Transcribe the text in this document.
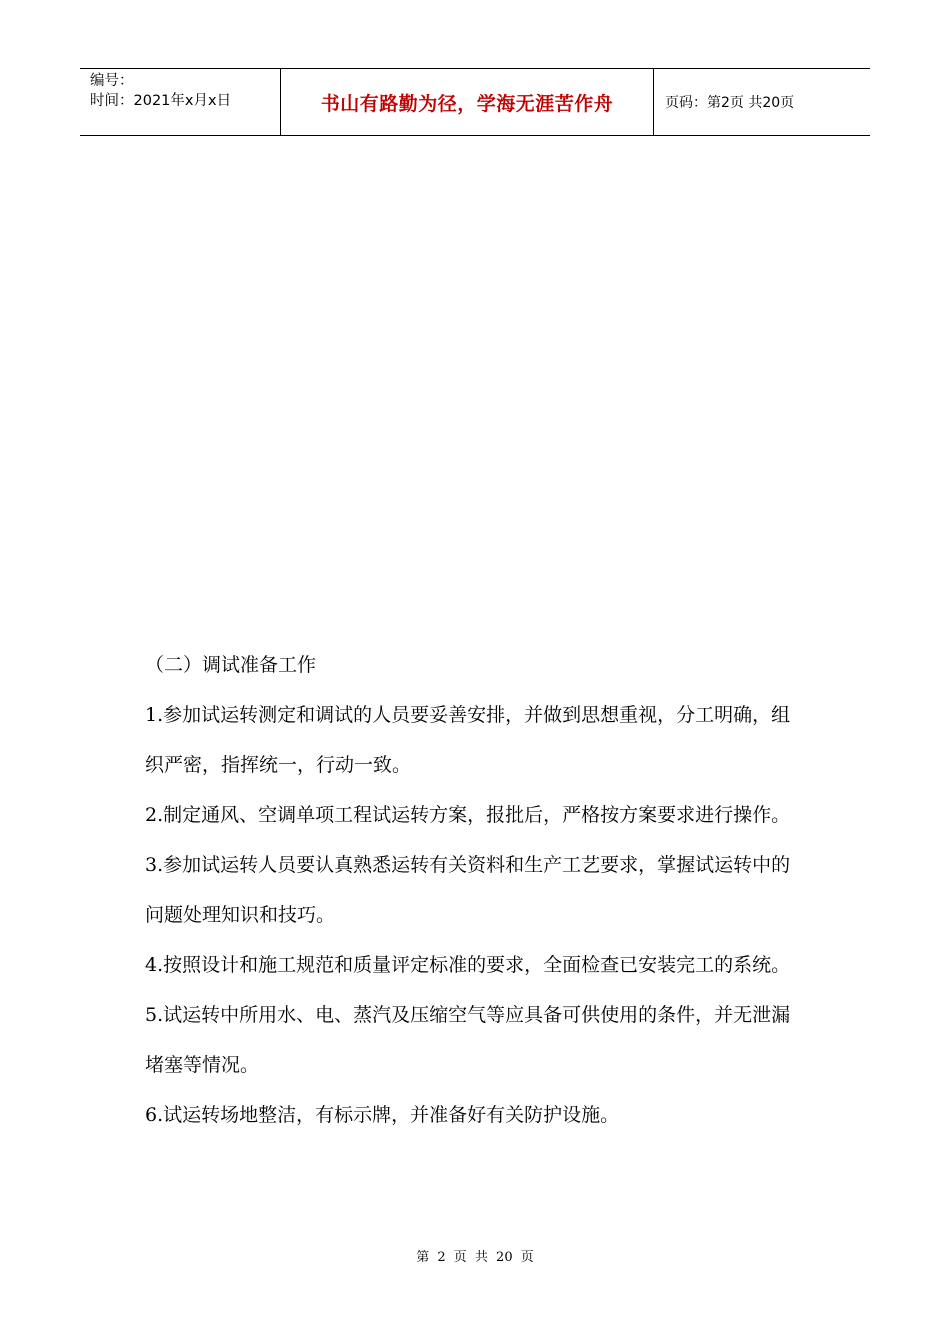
编号：
时间：2021年x月x日	书山有路勤为径，学海无涯苦作舟	页码：第2页 共20页

（二）调试准备工作

1.参加试运转测定和调试的人员要妥善安排，并做到思想重视，分工明确，组织严密，指挥统一，行动一致。

2.制定通风、空调单项工程试运转方案，报批后，严格按方案要求进行操作。

3.参加试运转人员要认真熟悉运转有关资料和生产工艺要求，掌握试运转中的问题处理知识和技巧。

4.按照设计和施工规范和质量评定标准的要求，全面检查已安装完工的系统。

5.试运转中所用水、电、蒸汽及压缩空气等应具备可供使用的条件，并无泄漏堵塞等情况。

6.试运转场地整洁，有标示牌，并准备好有关防护设施。

第 2 页 共 20 页
